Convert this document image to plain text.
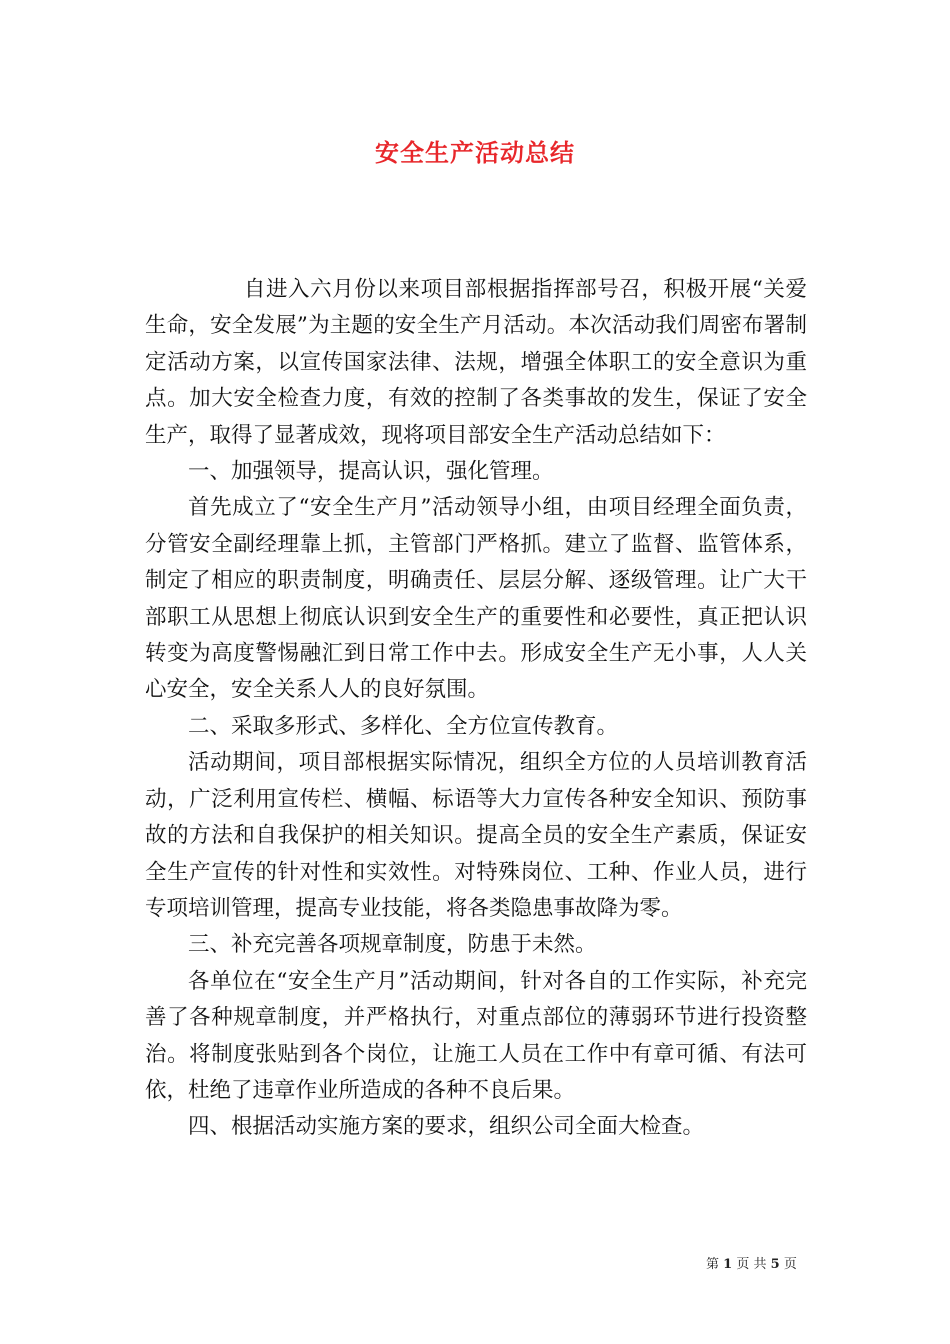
安全生产活动总结

自进入六月份以来项目部根据指挥部号召，积极开展“关爱生命，安全发展”为主题的安全生产月活动。本次活动我们周密布署制定活动方案，以宣传国家法律、法规，增强全体职工的安全意识为重点。加大安全检查力度，有效的控制了各类事故的发生，保证了安全生产，取得了显著成效，现将项目部安全生产活动总结如下：

一、加强领导，提高认识，强化管理。

首先成立了“安全生产月”活动领导小组，由项目经理全面负责，分管安全副经理靠上抓，主管部门严格抓。建立了监督、监管体系，制定了相应的职责制度，明确责任、层层分解、逐级管理。让广大干部职工从思想上彻底认识到安全生产的重要性和必要性，真正把认识转变为高度警惕融汇到日常工作中去。形成安全生产无小事，人人关心安全，安全关系人人的良好氛围。

二、采取多形式、多样化、全方位宣传教育。

活动期间，项目部根据实际情况，组织全方位的人员培训教育活动，广泛利用宣传栏、横幅、标语等大力宣传各种安全知识、预防事故的方法和自我保护的相关知识。提高全员的安全生产素质，保证安全生产宣传的针对性和实效性。对特殊岗位、工种、作业人员，进行专项培训管理，提高专业技能，将各类隐患事故降为零。

三、补充完善各项规章制度，防患于未然。

各单位在“安全生产月”活动期间，针对各自的工作实际，补充完善了各种规章制度，并严格执行，对重点部位的薄弱环节进行投资整治。将制度张贴到各个岗位，让施工人员在工作中有章可循、有法可依，杜绝了违章作业所造成的各种不良后果。

四、根据活动实施方案的要求，组织公司全面大检查。

第 1 页 共 5 页
